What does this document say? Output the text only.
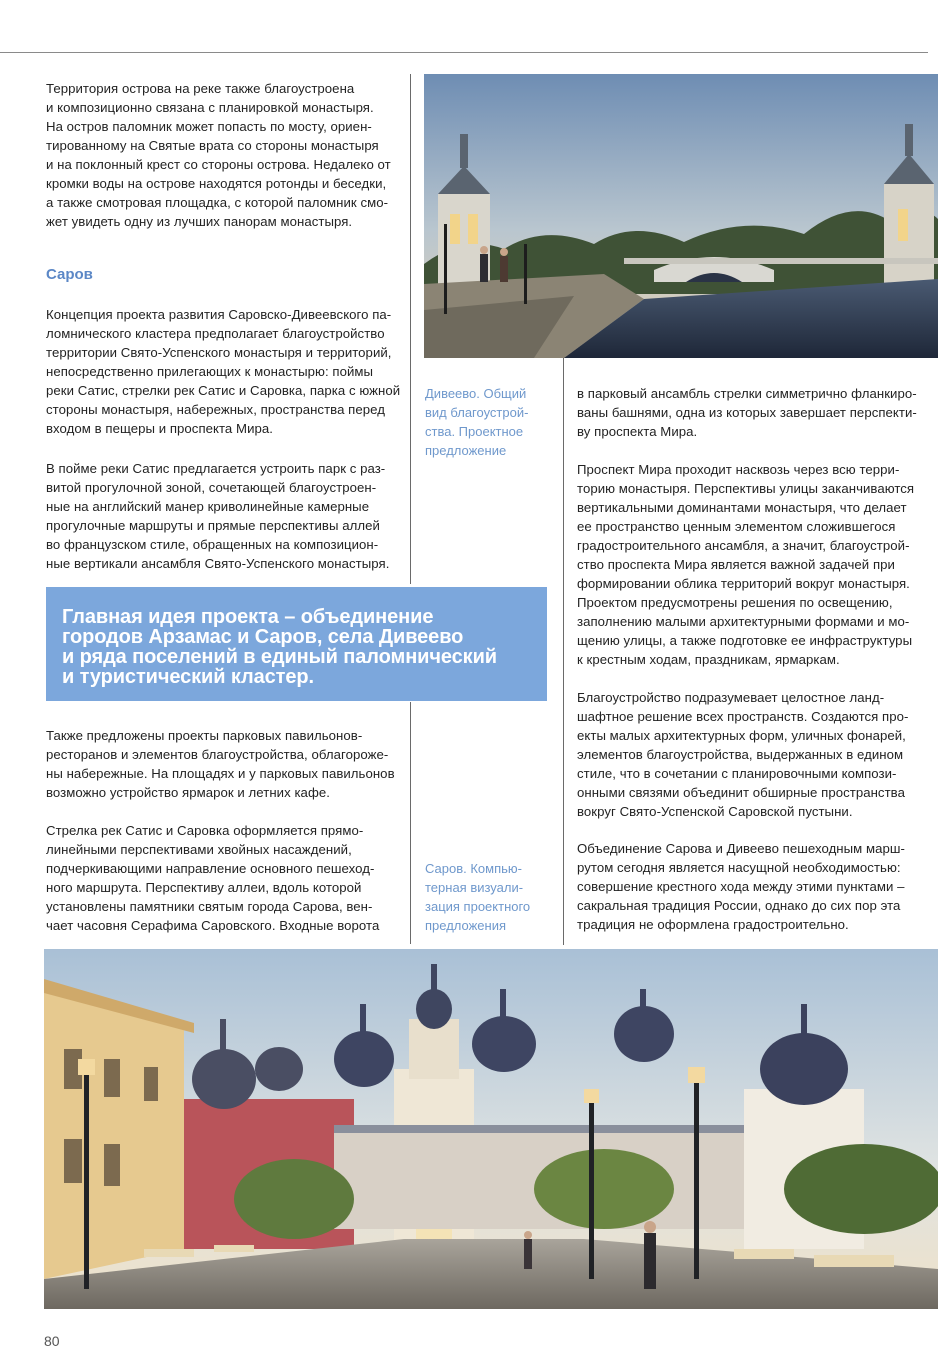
Территория острова на реке также благоустроена
и композиционно связана с планировкой монастыря.
На остров паломник может попасть по мосту, ориен-
тированному на Святые врата со стороны монастыря
и на поклонный крест со стороны острова. Недалеко от
кромки воды на острове находятся ротонды и беседки,
а также смотровая площадка, с которой паломник смо-
жет увидеть одну из лучших панорам монастыря.

Саров

Концепция проекта развития Саровско-Дивеевского па-
ломнического кластера предполагает благоустройство
территории Свято-Успенского монастыря и территорий,
непосредственно прилегающих к монастырю: поймы
реки Сатис, стрелки рек Сатис и Саровка, парка с южной
стороны монастыря, набережных, пространства перед
входом в пещеры и проспекта Мира.

В пойме реки Сатис предлагается устроить парк с раз-
витой прогулочной зоной, сочетающей благоустроен-
ные на английский манер криволинейные камерные
прогулочные маршруты и прямые перспективы аллей
во французском стиле, обращенных на композицион-
ные вертикали ансамбля Свято-Успенского монастыря.

Главная идея проекта – объединение
городов Арзамас и Саров, села Дивеево
и ряда поселений в единый паломнический
и туристический кластер.

Также предложены проекты парковых павильонов-
ресторанов и элементов благоустройства, облагороже-
ны набережные. На площадях и у парковых павильонов
возможно устройство ярмарок и летних кафе.

Стрелка рек Сатис и Саровка оформляется прямо-
линейными перспективами хвойных насаждений,
подчеркивающими направление основного пешеход-
ного маршрута. Перспективу аллеи, вдоль которой
установлены памятники святым города Сарова, вен-
чает часовня Серафима Саровского. Входные ворота

Дивеево. Общий
вид благоустрой-
ства. Проектное
предложение

Саров. Компью-
терная визуали-
зация проектного
предложения

в парковый ансамбль стрелки симметрично фланкиро-
ваны башнями, одна из которых завершает перспекти-
ву проспекта Мира.

Проспект Мира проходит насквозь через всю терри-
торию монастыря. Перспективы улицы заканчиваются
вертикальными доминантами монастыря, что делает
ее пространство ценным элементом сложившегося
градостроительного ансамбля, а значит, благоустрой-
ство проспекта Мира является важной задачей при
формировании облика территорий вокруг монастыря.
Проектом предусмотрены решения по освещению,
заполнению малыми архитектурными формами и мо-
щению улицы, а также подготовке ее инфраструктуры
к крестным ходам, праздникам, ярмаркам.

Благоустройство подразумевает целостное ланд-
шафтное решение всех пространств. Создаются про-
екты малых архитектурных форм, уличных фонарей,
элементов благоустройства, выдержанных в едином
стиле, что в сочетании с планировочными компози-
онными связями объединит обширные пространства
вокруг Свято-Успенской Саровской пустыни.

Объединение Сарова и Дивеево пешеходным марш-
рутом сегодня является насущной необходимостью:
совершение крестного хода между этими пунктами –
сакральная традиция России, однако до сих пор эта
традиция не оформлена градостроительно.

80
